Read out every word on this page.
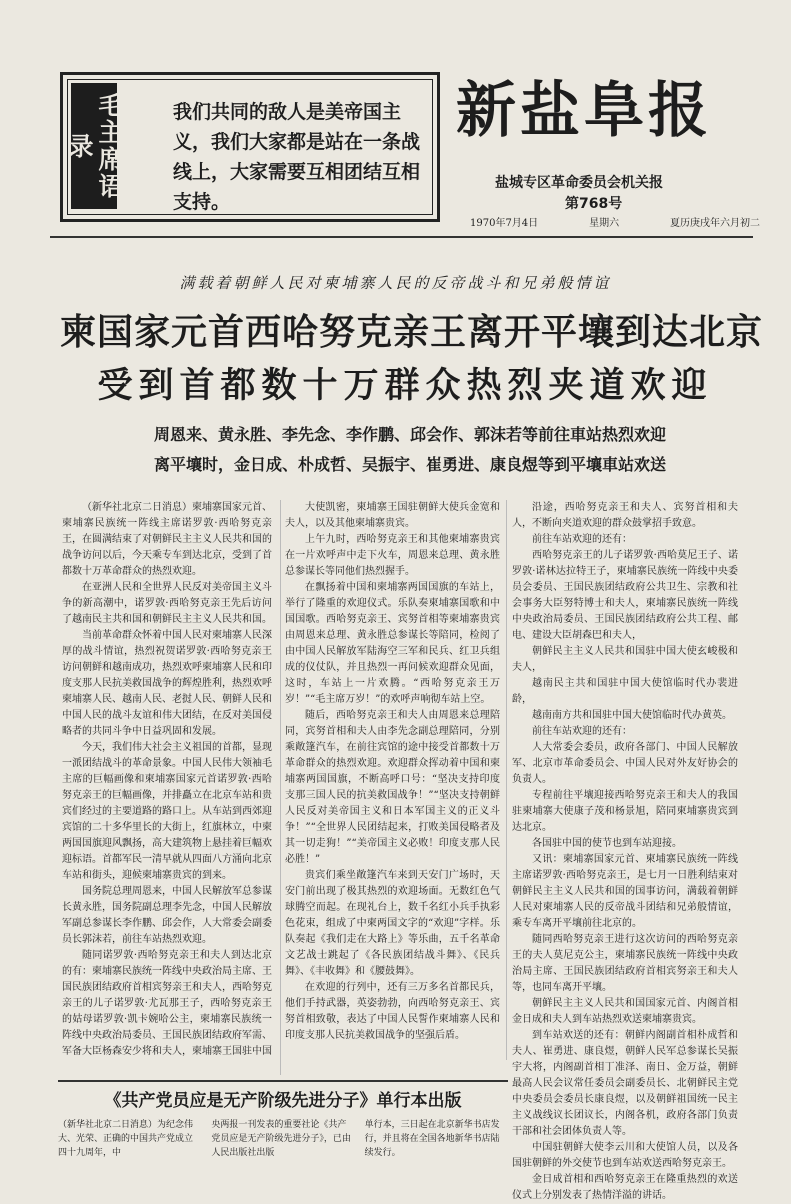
毛主席语录
我们共同的敌人是美帝国主义，我们大家都是站在一条战线上，大家需要互相团结互相支持。
新盐阜报
盐城专区革命委员会机关报
第768号
1970年7月4日	星期六	夏历庚戌年六月初二
满载着朝鲜人民对柬埔寨人民的反帝战斗和兄弟般情谊
柬国家元首西哈努克亲王离开平壤到达北京
受到首都数十万群众热烈夹道欢迎
周恩来、黄永胜、李先念、李作鹏、邱会作、郭沫若等前往車站热烈欢迎
离平壤时，金日成、朴成哲、吴振宇、崔勇进、康良煜等到平壤車站欢送

（新华社北京二日消息）柬埔寨国家元首、柬埔寨民族统一阵线主席诺罗敦·西哈努克亲王，在圆满结束了对朝鲜民主主义人民共和国的战争访问以后，今天乘专车到达北京，受到了首都数十万革命群众的热烈欢迎。

在亚洲人民和全世界人民反对美帝国主义斗争的新高潮中，诺罗敦·西哈努克亲王先后访问了越南民主共和国和朝鲜民主主义人民共和国。

当前革命群众怀着中国人民对柬埔寨人民深厚的战斗情谊，热烈祝贺诺罗敦·西哈努克亲王访问朝鲜和越南成功，热烈欢呼柬埔寨人民和印度支那人民抗美救国战争的辉煌胜利，热烈欢呼柬埔寨人民、越南人民、老挝人民、朝鲜人民和中国人民的战斗友谊和伟大团结，在反对美国侵略者的共同斗争中日益巩固和发展。

今天，我们伟大社会主义祖国的首都，显现一派团结战斗的革命景象。中国人民伟大领袖毛主席的巨幅画像和柬埔寨国家元首诺罗敦·西哈努克亲王的巨幅画像，并排矗立在北京车站和贵宾们经过的主要道路的路口上。从车站到西郊迎宾馆的二十多华里长的大街上，红旗林立，中柬两国国旗迎风飘扬，高大建筑物上悬挂着巨幅欢迎标语。首都军民一清早就从四面八方涌向北京车站和街头，迎候柬埔寨贵宾的到来。

国务院总理周恩来，中国人民解放军总参谋长黄永胜，国务院副总理李先念，中国人民解放军副总参谋长李作鹏、邱会作，人大常委会副委员长郭沫若，前往车站热烈欢迎。

随同诺罗敦·西哈努克亲王和夫人到达北京的有：柬埔寨民族统一阵线中央政治局主席、王国民族团结政府首相宾努亲王和夫人，西哈努克亲王的儿子诺罗敦·尤瓦那王子，西哈努克亲王的姑母诺罗敦·凯卡婉哈公主，柬埔寨民族统一阵线中央政治局委员、王国民族团结政府军需、军备大臣杨森安少将和夫人，柬埔寨王国驻中国

大使凯密，柬埔寨王国驻朝鲜大使兵金宽和夫人，以及其他柬埔寨贵宾。

上午九时，西哈努克亲王和其他柬埔寨贵宾在一片欢呼声中走下火车，周恩来总理、黄永胜总参谋长等同他们热烈握手。

在飘扬着中国和柬埔寨两国国旗的车站上，举行了隆重的欢迎仪式。乐队奏柬埔寨国歌和中国国歌。西哈努克亲王、宾努首相等柬埔寨贵宾由周恩来总理、黄永胜总参谋长等陪同，检阅了由中国人民解放军陆海空三军和民兵、红卫兵组成的仪仗队，并且热烈一再问候欢迎群众见面，这时，车站上一片欢腾。“西哈努克亲王万岁！”“毛主席万岁！”的欢呼声响彻车站上空。

随后，西哈努克亲王和夫人由周恩来总理陪同，宾努首相和夫人由李先念副总理陪同，分别乘敞篷汽车，在前往宾馆的途中接受首都数十万革命群众的热烈欢迎。欢迎群众挥动着中国和柬埔寨两国国旗，不断高呼口号：“坚决支持印度支那三国人民的抗美救国战争！”“坚决支持朝鲜人民反对美帝国主义和日本军国主义的正义斗争！”“全世界人民团结起来，打败美国侵略者及其一切走狗！”“美帝国主义必败！印度支那人民必胜！”

贵宾们乘坐敞篷汽车来到天安门广场时，天安门前出现了极其热烈的欢迎场面。无数红色气球腾空而起。在现礼台上，数千名红小兵手执彩色花束，组成了中柬两国文字的“欢迎”字样。乐队奏起《我们走在大路上》等乐曲，五千名革命文艺战士跳起了《各民族团结战斗舞》、《民兵舞》、《丰收舞》和《腰鼓舞》。

在欢迎的行列中，还有三万多名首都民兵，他们手持武器，英姿勃勃，向西哈努克亲王、宾努首相致敬，表达了中国人民誓作柬埔寨人民和印度支那人民抗美救国战争的坚强后盾。

沿途，西哈努克亲王和夫人、宾努首相和夫人，不断向夹道欢迎的群众鼓掌招手致意。

前往车站欢迎的还有：

西哈努克亲王的儿子诺罗敦·西哈莫尼王子、诺罗敦·诺林达拉特王子，柬埔寨民族统一阵线中央委员会委员、王国民族团结政府公共卫生、宗教和社会事务大臣努特博士和夫人，柬埔寨民族统一阵线中央政治局委员、王国民族团结政府公共工程、邮电、建设大臣胡森巴和夫人，

朝鲜民主主义人民共和国驻中国大使玄峻极和夫人，

越南民主共和国驻中国大使馆临时代办裴进龄，

越南南方共和国驻中国大使馆临时代办黄英。

前往车站欢迎的还有：

人大常委会委员，政府各部门、中国人民解放军、北京市革命委员会、中国人民对外友好协会的负责人。

专程前往平壤迎接西哈努克亲王和夫人的我国驻柬埔寨大使康子茂和杨景旭，陪同柬埔寨贵宾到达北京。

各国驻中国的使节也到车站迎接。

又讯：柬埔寨国家元首、柬埔寨民族统一阵线主席诺罗敦·西哈努克亲王，是七月一日胜利结束对朝鲜民主主义人民共和国的国事访问，满载着朝鲜人民对柬埔寨人民的反帝战斗团结和兄弟般情谊，乘专车离开平壤前往北京的。

随同西哈努克亲王进行这次访问的西哈努克亲王的夫人莫尼克公主，柬埔寨民族统一阵线中央政治局主席、王国民族团结政府首相宾努亲王和夫人等，也同车离开平壤。

朝鲜民主主义人民共和国国家元首、内阁首相金日成和夫人到车站热烈欢送柬埔寨贵宾。

到车站欢送的还有：朝鲜内阁副首相朴成哲和夫人、崔勇进、康良煜，朝鲜人民军总参谋长吴振宇大将，内阁副首相丁准泽、南日、金万益，朝鲜最高人民会议常任委员会副委员长、北朝鲜民主党中央委员会委员长康良煜，以及朝鲜祖国统一民主主义战线议长团议长，内阁各机，政府各部门负责干部和社会团体负责人等。

中国驻朝鲜大使李云川和大使馆人员，以及各国驻朝鲜的外交使节也到车站欢送西哈努克亲王。

金日成首相和西哈努克亲王在隆重热烈的欢送仪式上分别发表了热情洋溢的讲话。

《共产党员应是无产阶级先进分子》单行本出版
（新华社北京二日消息）为纪念伟大、光荣、正确的中国共产党成立四十九周年，中
央两报一刊发表的重要社论《共产党员应是无产阶级先进分子》，已由人民出版社出版
单行本，三日起在北京新华书店发行，并且将在全国各地新华书店陆续发行。
